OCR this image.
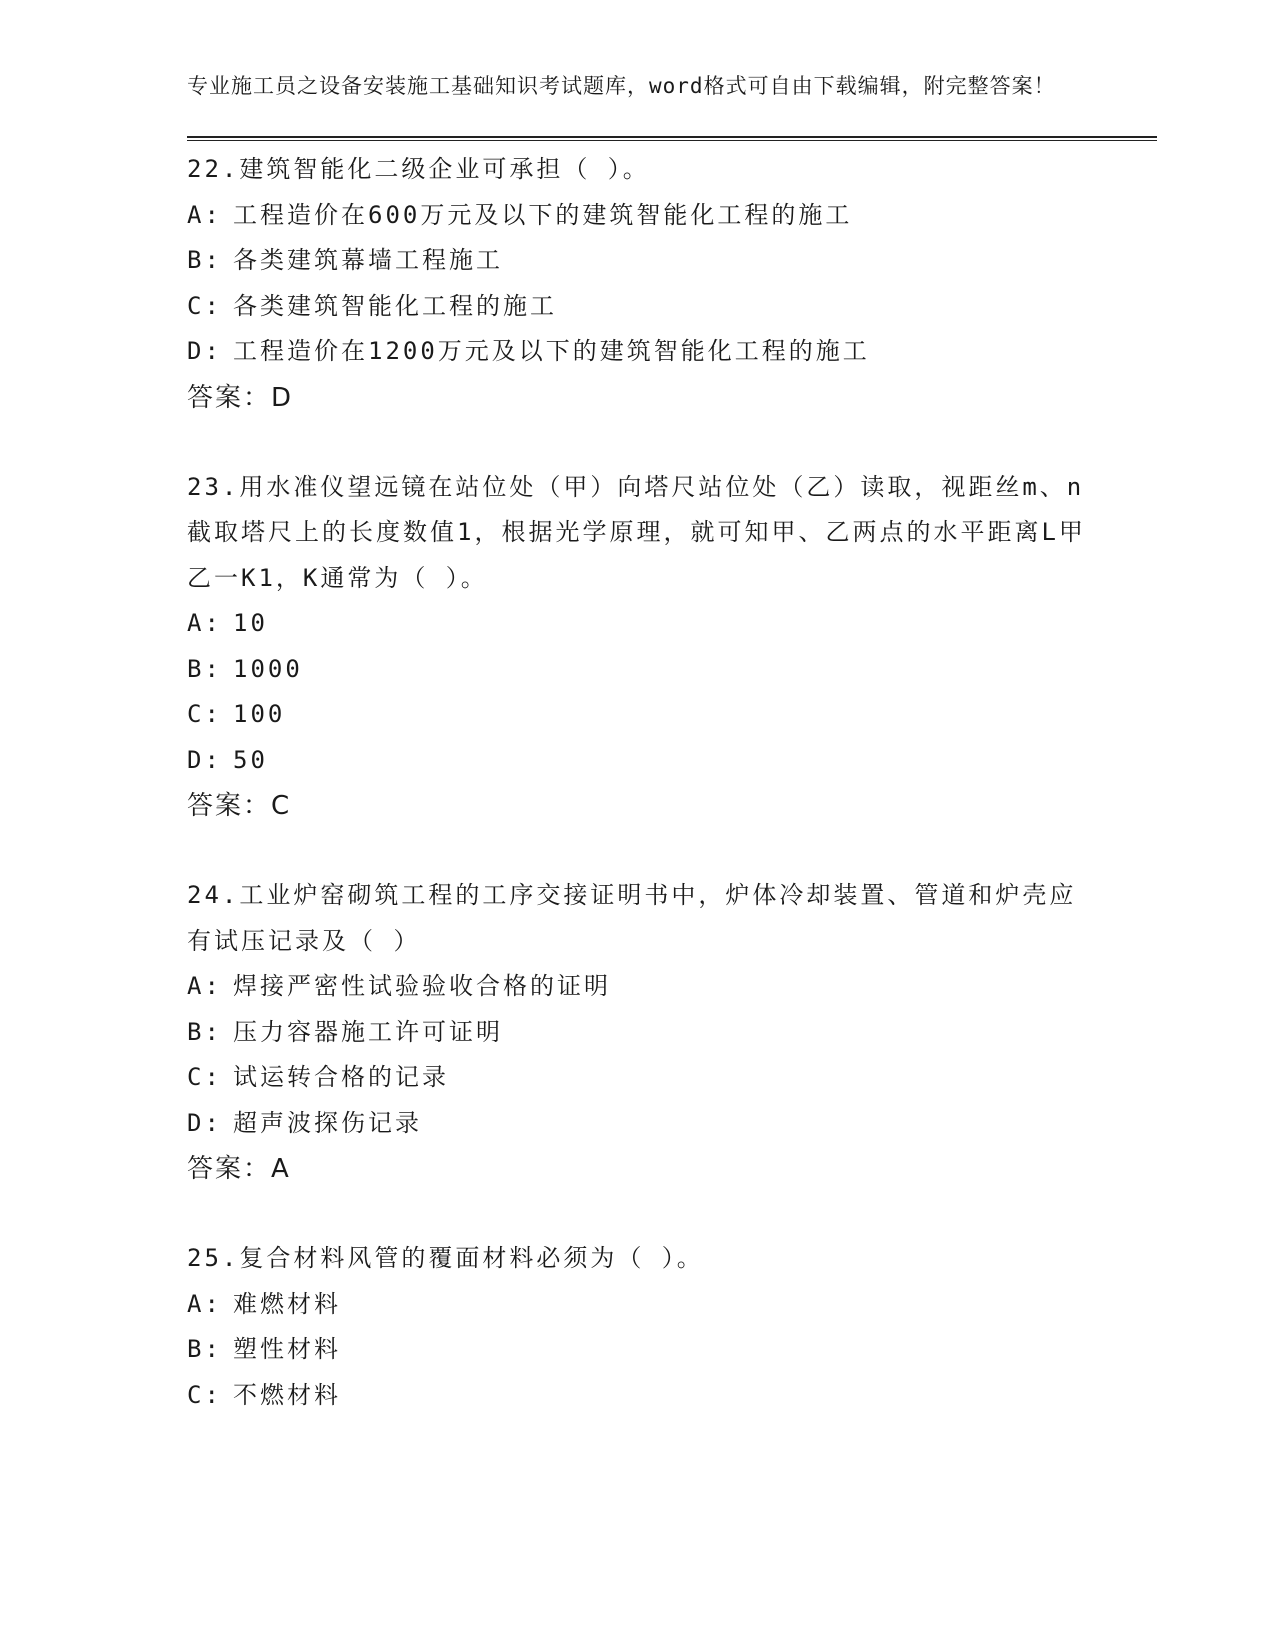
专业施工员之设备安装施工基础知识考试题库，word格式可自由下载编辑，附完整答案！
22.建筑智能化二级企业可承担（ ）。
A: 工程造价在600万元及以下的建筑智能化工程的施工
B: 各类建筑幕墙工程施工
C: 各类建筑智能化工程的施工
D: 工程造价在1200万元及以下的建筑智能化工程的施工
答案：D
23.用水准仪望远镜在站位处（甲）向塔尺站位处（乙）读取，视距丝m、n截取塔尺上的长度数值1，根据光学原理，就可知甲、乙两点的水平距离L甲乙一K1，K通常为（ ）。
A: 10
B: 1000
C: 100
D: 50
答案：C
24.工业炉窑砌筑工程的工序交接证明书中，炉体冷却装置、管道和炉壳应有试压记录及（ ）
A: 焊接严密性试验验收合格的证明
B: 压力容器施工许可证明
C: 试运转合格的记录
D: 超声波探伤记录
答案：A
25.复合材料风管的覆面材料必须为（ ）。
A: 难燃材料
B: 塑性材料
C: 不燃材料
